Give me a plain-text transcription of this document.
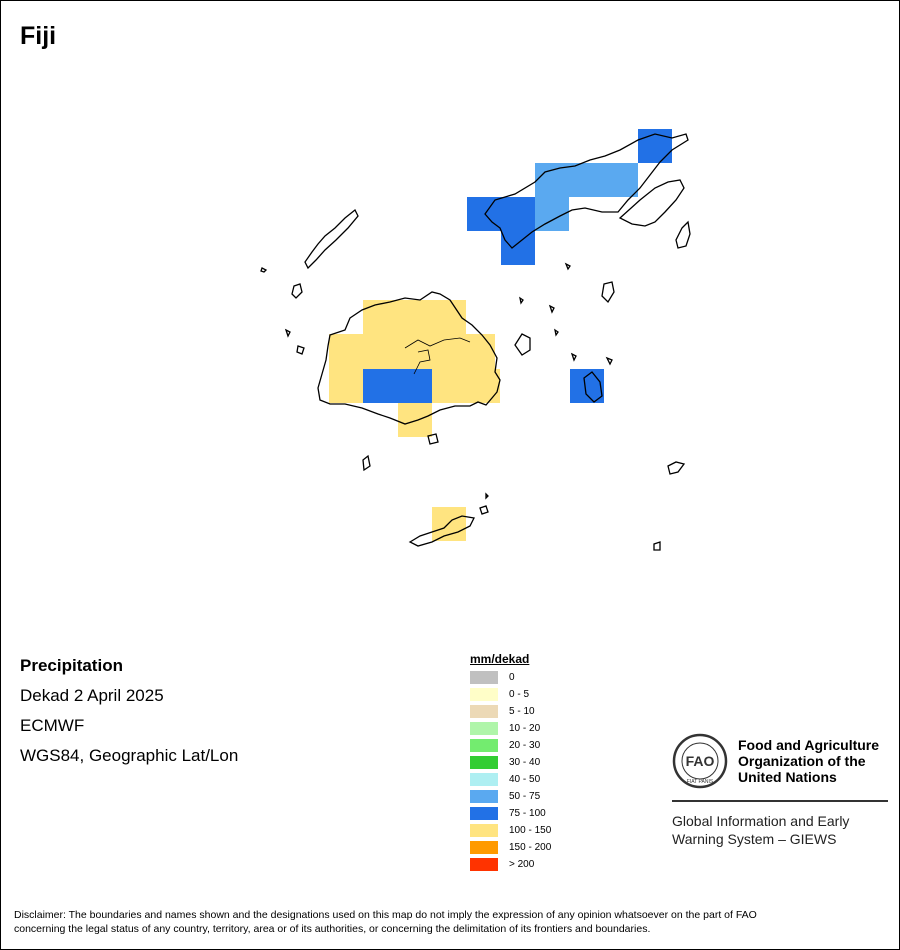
Fiji
Precipitation
Dekad 2 April 2025
ECMWF
WGS84, Geographic Lat/Lon
mm/dekad
0
0 - 5
5 - 10
10 - 20
20 - 30
30 - 40
40 - 50
50 - 75
75 - 100
100 - 150
150 - 200
> 200
FAO
FIAT PANIS
Food and Agriculture
Organization of the
United Nations
Global Information and Early
Warning System – GIEWS
Disclaimer: The boundaries and names shown and the designations used on this map do not imply the expression of any opinion whatsoever on the part of FAO
concerning the legal status of any country, territory, area or of its authorities, or concerning the delimitation of its frontiers and boundaries.
